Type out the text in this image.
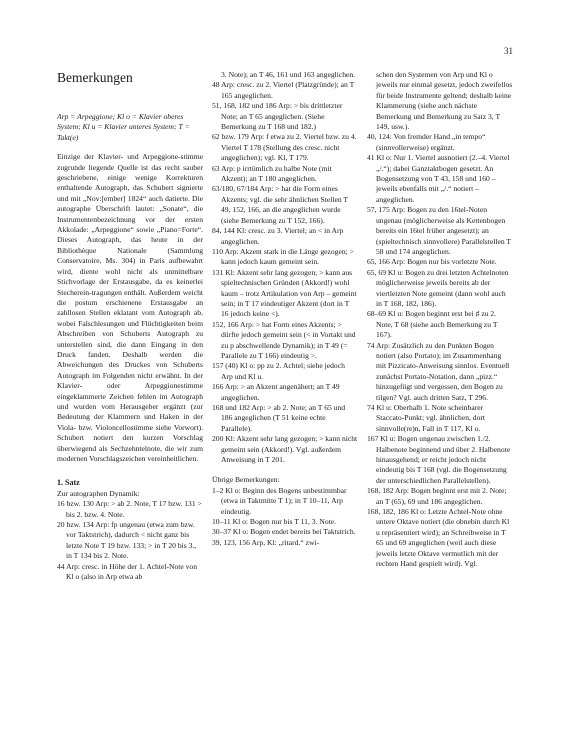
31
Bemerkungen

Arp = Arpeggione; Kl o = Klavier oberes System; Kl u = Klavier unteres System; T = Takt(e)

Einzige der Klavier- und Arpeggione-stimme zugrunde liegende Quelle ist das recht sauber geschriebene, einige wenige Korrekturen enthaltende Autograph, das Schubert signierte und mit „Nov:[ember] 1824“ auch datierte. Die autographe Überschrift lautet: „Sonate“, die Instrumentenbezeichnung vor der ersten Akkolade: „Arpeggione“ sowie „Piano=Forte“. Dieses Autograph, das heute in der Bibliothèque Nationale (Sammlung Conservatoire, Ms. 304) in Paris aufbewahrt wird, diente wohl nicht als unmittelbare Stichvorlage der Erstausgabe, da es keinerlei Stecherein-tragungen enthält. Außerdem weicht die postum erschienene Erstausgabe an zahllosen Stellen eklatant vom Autograph ab, wobei Falschlesungen und Flüchtigkeiten beim Abschreiben von Schuberts Autograph zu unterstellen sind, die dann Eingang in den Druck fanden. Deshalb werden die Abweichungen des Druckes von Schuberts Autograph im Folgenden nicht erwähnt. In der Klavier- oder Arpeggionestimme eingeklammerte Zeichen fehlen im Autograph und wurden vom Herausgeber ergänzt (zur Bedeutung der Klammern und Haken in der Viola- bzw. Violoncellostimme siehe Vorwort). Schubert notiert den kurzen Vorschlag überwiegend als Sechzehntelnote, die wir zum modernen Vorschlagszeichen vereinheitlichen.

1. Satz

Zur autographen Dynamik:

16 bzw. 130 Arp: > ab 2. Note, T 17 bzw. 131 > bis 2. bzw. 4. Note.

20 bzw. 134 Arp: fp ungenau (etwa zum bzw. vor Taktstrich), dadurch < nicht ganz bis letzte Note T 19 bzw. 133; > in T 20 bis 3., in T 134 bis 2. Note.

44 Arp: cresc. in Höhe der 1. Achtel-Note von Kl o (also in Arp etwa ab

3. Note); an T 46, 161 und 163 angeglichen.

48 Arp: cresc. zu 2. Viertel (Platzgründe); an T 165 angeglichen.

51, 168, 182 und 186 Arp: > bis drittletzter Note; an T 65 angeglichen. (Siehe Bemerkung zu T 168 und 182.)

62 bzw. 179 Arp: f etwa zu 2. Viertel bzw. zu 4. Viertel T 178 (Stellung des cresc. nicht angeglichen); vgl. Kl, T 179.

63 Arp: p irrtümlich zu halbe Note (mit Akzent); an T 180 angeglichen.

63/180, 67/184 Arp: > hat die Form eines Akzents; vgl. die sehr ähnlichen Stellen T 49, 152, 166, an die angeglichen wurde (siehe Bemerkung zu T 152, 166).

84, 144 Kl: cresc. zu 3. Viertel; an < in Arp angeglichen.

110 Arp: Akzent stark in die Länge gezogen; > kann jedoch kaum gemeint sein.

131 Kl: Akzent sehr lang gezogen; > kann aus spieltechnischen Gründen (Akkord!) wohl kaum – trotz Artikulation von Arp – gemeint sein; in T 17 eindeutiger Akzent (dort in T 16 jedoch keine <).

152, 166 Arp: > hat Form eines Akzents; > dürfte jedoch gemeint sein (< in Vortakt und zu p abschwellende Dynamik); in T 49 (= Parallele zu T 166) eindeutig >.

157 (40) Kl o: pp zu 2. Achtel; siehe jedoch Arp und Kl u.

166 Arp: > an Akzent angenähert; an T 49 angeglichen.

168 und 182 Arp: > ab 2. Note; an T 65 und 186 angeglichen (T 51 keine echte Parallele).

200 Kl: Akzent sehr lang gezogen; > kann nicht gemeint sein (Akkord!). Vgl. außerdem Anweisung in T 201.

Übrige Bemerkungen:

1–2 Kl o: Beginn des Bogens unbestimmbar (etwa in Taktmitte T 1); in T 10–11, Arp eindeutig.

10–11 Kl o: Bogen nur bis T 11, 3. Note.

30–37 Kl o: Bogen endet bereits bei Taktstrich.

39, 123, 156 Arp, Kl: „ritard.“ zwi-

schen den Systemen von Arp und Kl o jeweils nur einmal gesetzt, jedoch zweifellos für beide Instrumente geltend; deshalb keine Klammerung (siehe auch nächste Bemerkung und Bemerkung zu Satz 3, T 149, usw.).

40, 124: Von fremder Hand „in tempo“ (sinnvollerweise) ergänzt.

41 Kl o: Nur 1. Viertel ausnotiert (2.–4. Viertel „/.“); dabei Ganztaktbogen gesetzt. An Bogensetzung von T 43, 158 und 160 – jeweils ebenfalls mit „/.“ notiert – angeglichen.

57, 175 Arp: Bogen zu den 16tel-Noten ungenau (möglicherweise als Kettenbogen bereits ein 16tel früher angesetzt); an (spieltechnisch sinnvollere) Parallelstellen T 58 und 174 angeglichen.

65, 166 Arp: Bogen nur bis vorletzte Note.

65, 69 Kl u: Bogen zu drei letzten Achtelnoten möglicherweise jeweils bereits ab der viertletzten Note gemeint (dann wohl auch in T 168, 182, 186).

68–69 Kl u: Bogen beginnt erst bei ♯ zu 2. Note, T 68 (siehe auch Bemerkung zu T 167).

74 Arp: Zusätzlich zu den Punkten Bogen notiert (also Portato); im Zusammenhang mit Pizzicato-Anweisung sinnlos. Eventuell zunächst Portato-Notation, dann „pizz.“ hinzugefügt und vergessen, den Bogen zu tilgen? Vgl. auch dritten Satz, T 296.

74 Kl u: Oberhalb 1. Note scheinbarer Staccato-Punkt; vgl. ähnlichen, dort sinnvolle(re)n, Fall in T 117, Kl o.

167 Kl u: Bogen ungenau zwischen 1./2. Halbenote beginnend und über 2. Halbenote hinausgehend; er reicht jedoch nicht eindeutig bis T 168 (vgl. die Bogensetzung der unterschiedlichen Parallelstellen).

168, 182 Arp: Bogen beginnt erst mit 2. Note; an T (65), 69 und 186 angeglichen.

168, 182, 186 Kl o: Letzte Achtel-Note ohne untere Oktave notiert (die obnebin durch Kl u repräsentiert wird); an Schreibweise in T 65 und 69 angeglichen (weil auch diese jeweils letzte Oktave vermutlich mit der rechten Hand gespielt wird). Vgl.
